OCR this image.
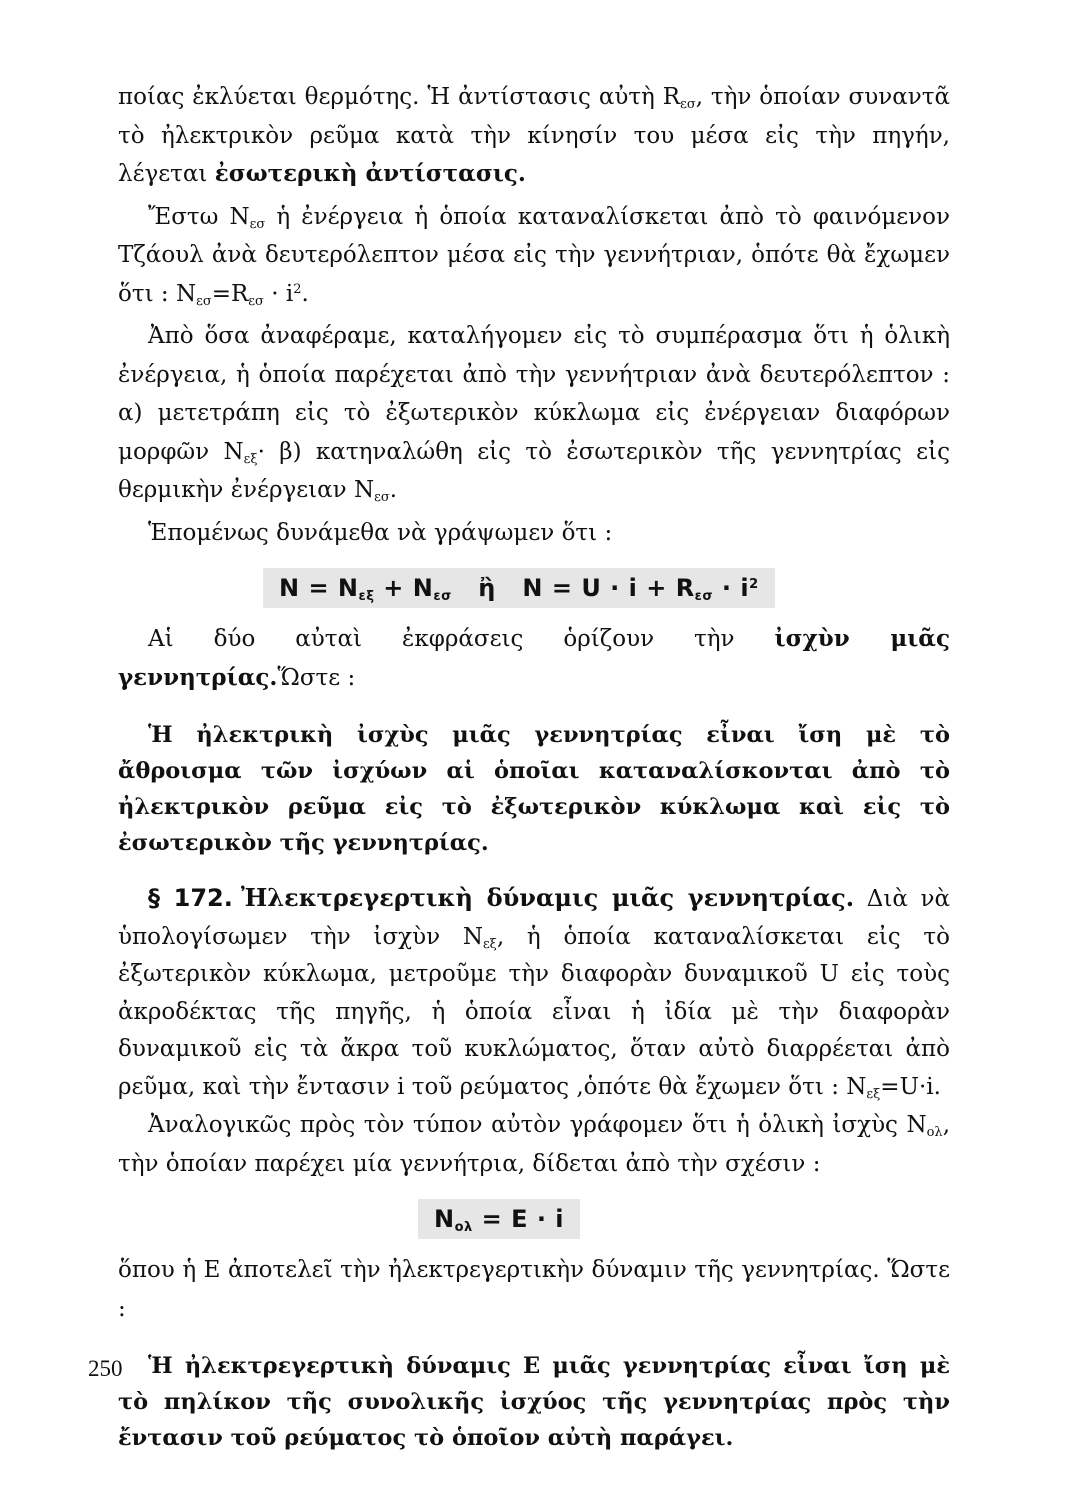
ποίας ἐκλύεται θερμότης. Ἡ ἀντίστασις αὐτὴ $R_{\varepsilon\sigma}$, τὴν ὁποίαν συναντᾶ τὸ ἠλεκτρικὸν ρεῦμα κατὰ τὴν κίνησίν του μέσα εἰς τὴν πηγήν, λέγεται ἐσωτερικὴ ἀντίστασις.

Ἔστω $N_{\varepsilon\sigma}$ ἡ ἐνέργεια ἡ ὁποία καταναλίσκεται ἀπὸ τὸ φαινόμενον Τζάουλ ἀνὰ δευτερόλεπτον μέσα εἰς τὴν γεννήτριαν, ὁπότε θὰ ἔχωμεν ὅτι : $N_{\varepsilon\sigma}=R_{\varepsilon\sigma} \cdot i^2$.

Ἀπὸ ὅσα ἀναφέραμε, καταλήγομεν εἰς τὸ συμπέρασμα ὅτι ἡ ὁλικὴ ἐνέργεια, ἡ ὁποία παρέχεται ἀπὸ τὴν γεννήτριαν ἀνὰ δευτερόλεπτον : α) μετετράπη εἰς τὸ ἐξωτερικὸν κύκλωμα εἰς ἐνέργειαν διαφόρων μορφῶν $N_{\varepsilon\xi}\cdot \beta$) κατηναλώθη εἰς τὸ ἐσωτερικὸν τῆς γεννητρίας εἰς θερμικὴν ἐνέργειαν $N_{\varepsilon\sigma}$.

Ἑπομένως δυνάμεθα νὰ γράψωμεν ὅτι :

$N = N_{\varepsilon\xi} + N_{\varepsilon\sigma}$   ἢ   $N = U \cdot i + R_{\varepsilon\sigma} \cdot i^2$

Αἱ δύο αὐταὶ ἐκφράσεις ὁρίζουν τὴν ἰσχὺν μιᾶς γεννητρίας.Ὥστε :

Ἡ ἠλεκτρικὴ ἰσχὺς μιᾶς γεννητρίας εἶναι ἴση μὲ τὸ ἄθροισμα τῶν ἰσχύων αἱ ὁποῖαι καταναλίσκονται ἀπὸ τὸ ἠλεκτρικὸν ρεῦμα εἰς τὸ ἐξωτερικὸν κύκλωμα καὶ εἰς τὸ ἐσωτερικὸν τῆς γεννητρίας.

§ 172. Ἠλεκτρεγερτικὴ δύναμις μιᾶς γεννητρίας. Διὰ νὰ ὑπολογίσωμεν τὴν ἰσχὺν $N_{\varepsilon\xi}$, ἡ ὁποία καταναλίσκεται εἰς τὸ ἐξωτερικὸν κύκλωμα, μετροῦμε τὴν διαφορὰν δυναμικοῦ U εἰς τοὺς ἀκροδέκτας τῆς πηγῆς, ἡ ὁποία εἶναι ἡ ἰδία μὲ τὴν διαφορὰν δυναμικοῦ εἰς τὰ ἄκρα τοῦ κυκλώματος, ὅταν αὐτὸ διαρρέεται ἀπὸ ρεῦμα, καὶ τὴν ἔντασιν i τοῦ ρεύματος ,ὁπότε θὰ ἔχωμεν ὅτι : $N_{\varepsilon\xi}=U\cdot i$.

Ἀναλογικῶς πρὸς τὸν τύπον αὐτὸν γράφομεν ὅτι ἡ ὁλικὴ ἰσχὺς $N_{o\lambda}$, τὴν ὁποίαν παρέχει μία γεννήτρια, δίδεται ἀπὸ τὴν σχέσιν :

$N_{o\lambda} = E \cdot i$

ὅπου ἡ Ε ἀποτελεῖ τὴν ἠλεκτρεγερτικὴν δύναμιν τῆς γεννητρίας. Ὥστε :

Ἡ ἠλεκτρεγερτικὴ δύναμις Ε μιᾶς γεννητρίας εἶναι ἴση μὲ τὸ πηλίκον τῆς συνολικῆς ἰσχύος τῆς γεννητρίας πρὸς τὴν ἔντασιν τοῦ ρεύματος τὸ ὁποῖον αὐτὴ παράγει.

250
